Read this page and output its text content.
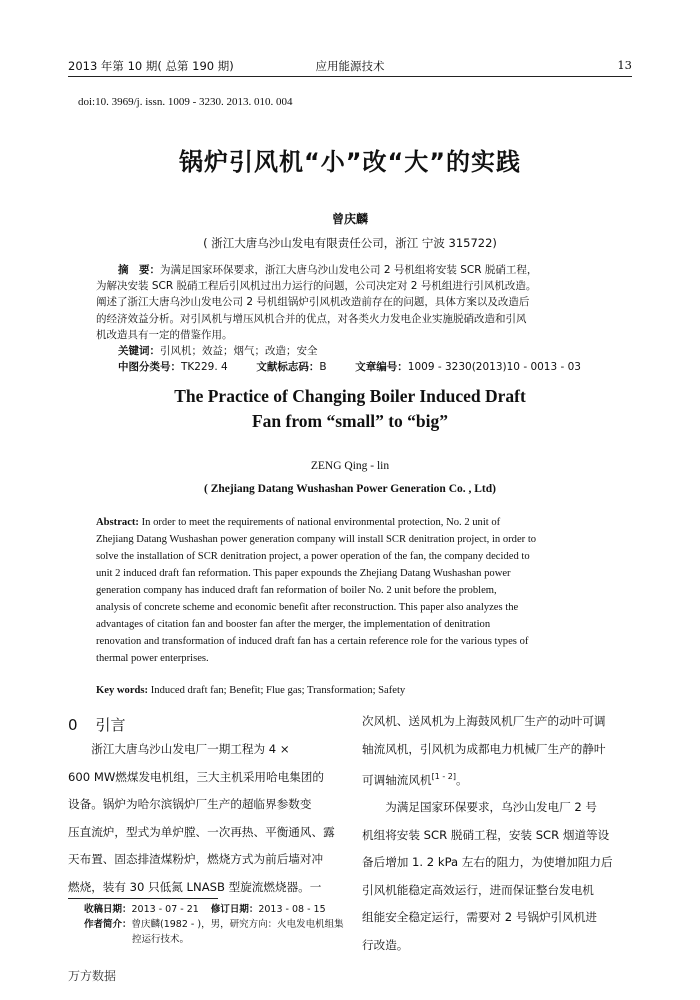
2013 年第 10 期( 总第 190 期)	应用能源技术	13
doi:10. 3969/j. issn. 1009 - 3230. 2013. 010. 004
锅炉引风机“小”改“大”的实践
曾庆麟
( 浙江大唐乌沙山发电有限责任公司，浙江 宁波 315722)
摘　要：为满足国家环保要求，浙江大唐乌沙山发电公司 2 号机组将安装 SCR 脱硝工程，
为解决安装 SCR 脱硝工程后引风机过出力运行的问题，公司决定对 2 号机组进行引风机改造。
阐述了浙江大唐乌沙山发电公司 2 号机组锅炉引风机改造前存在的问题，具体方案以及改造后
的经济效益分析。对引风机与增压风机合并的优点，对各类火力发电企业实施脱硝改造和引风
机改造具有一定的借鉴作用。
关键词：引风机；效益；烟气；改造；安全
中图分类号：TK229. 4	文献标志码：B	文章编号：1009 - 3230(2013)10 - 0013 - 03
The Practice of Changing Boiler Induced Draft
Fan from “small” to “big”
ZENG Qing - lin
( Zhejiang Datang Wushashan Power Generation Co. , Ltd)
Abstract: In order to meet the requirements of national environmental protection, No. 2 unit of
Zhejiang Datang Wushashan power generation company will install SCR denitration project, in order to
solve the installation of SCR denitration project, a power operation of the fan, the company decided to
unit 2 induced draft fan reformation. This paper expounds the Zhejiang Datang Wushashan power
generation company has induced draft fan reformation of boiler No. 2 unit before the problem,
analysis of concrete scheme and economic benefit after reconstruction. This paper also analyzes the
advantages of citation fan and booster fan after the merger, the implementation of denitration
renovation and transformation of induced draft fan has a certain reference role for the various types of
thermal power enterprises.
Key words: Induced draft fan; Benefit; Flue gas; Transformation; Safety
0 引言
　　浙江大唐乌沙山发电厂一期工程为 4 ×
600 MW燃煤发电机组，三大主机采用哈电集团的
设备。锅炉为哈尔滨锅炉厂生产的超临界参数变
压直流炉，型式为单炉膛、一次再热、平衡通风、露
天布置、固态排渣煤粉炉，燃烧方式为前后墙对冲
燃烧，装有 30 只低氮 LNASB 型旋流燃烧器。一
收稿日期：2013 - 07 - 21 修订日期：2013 - 08 - 15
作者简介：曾庆麟(1982 - )，男，研究方向：火电发电机组集
控运行技术。
次风机、送风机为上海鼓风机厂生产的动叶可调
轴流风机，引风机为成都电力机械厂生产的静叶
可调轴流风机[1 - 2]。
　　为满足国家环保要求，乌沙山发电厂 2 号
机组将安装 SCR 脱硝工程，安装 SCR 烟道等设
备后增加 1. 2 kPa 左右的阻力，为使增加阻力后
引风机能稳定高效运行，进而保证整台发电机
组能安全稳定运行，需要对 2 号锅炉引风机进
行改造。
万方数据
